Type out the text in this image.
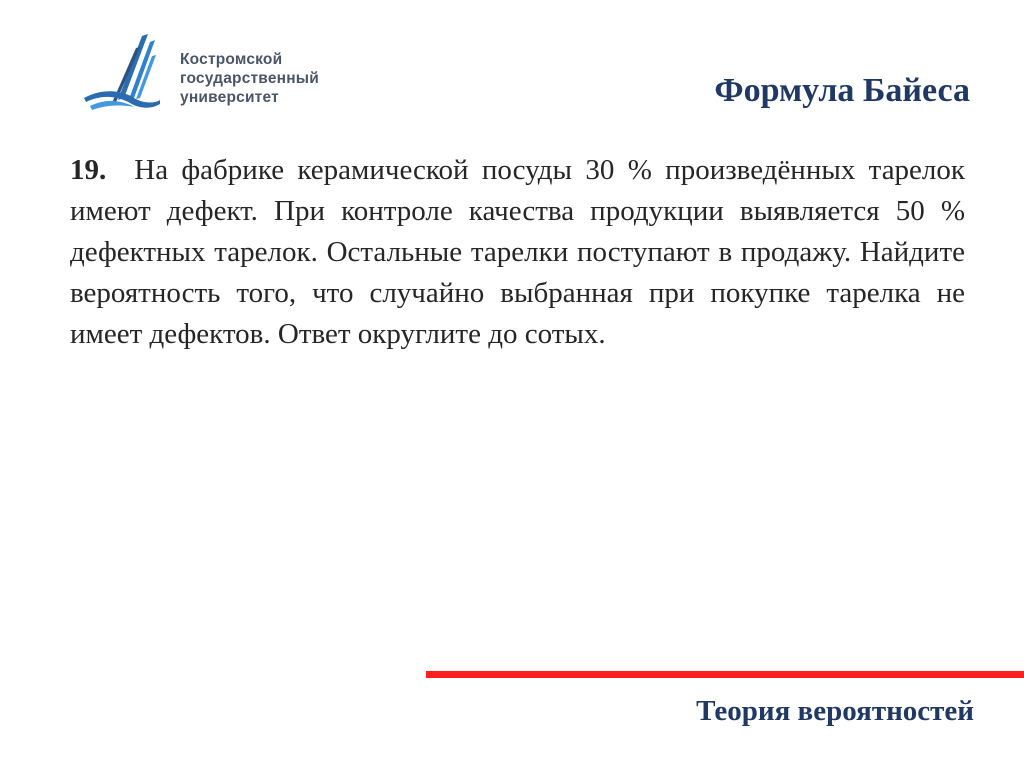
Костромской
государственный
университет	Формула Байеса

19. На фабрике керамической посуды 30 % произведённых тарелок имеют дефект. При контроле качества продукции выявляется 50 % дефектных тарелок. Остальные тарелки поступают в продажу. Найдите вероятность того, что случайно выбранная при покупке тарелка не имеет дефектов. Ответ округлите до сотых.

Теория вероятностей
